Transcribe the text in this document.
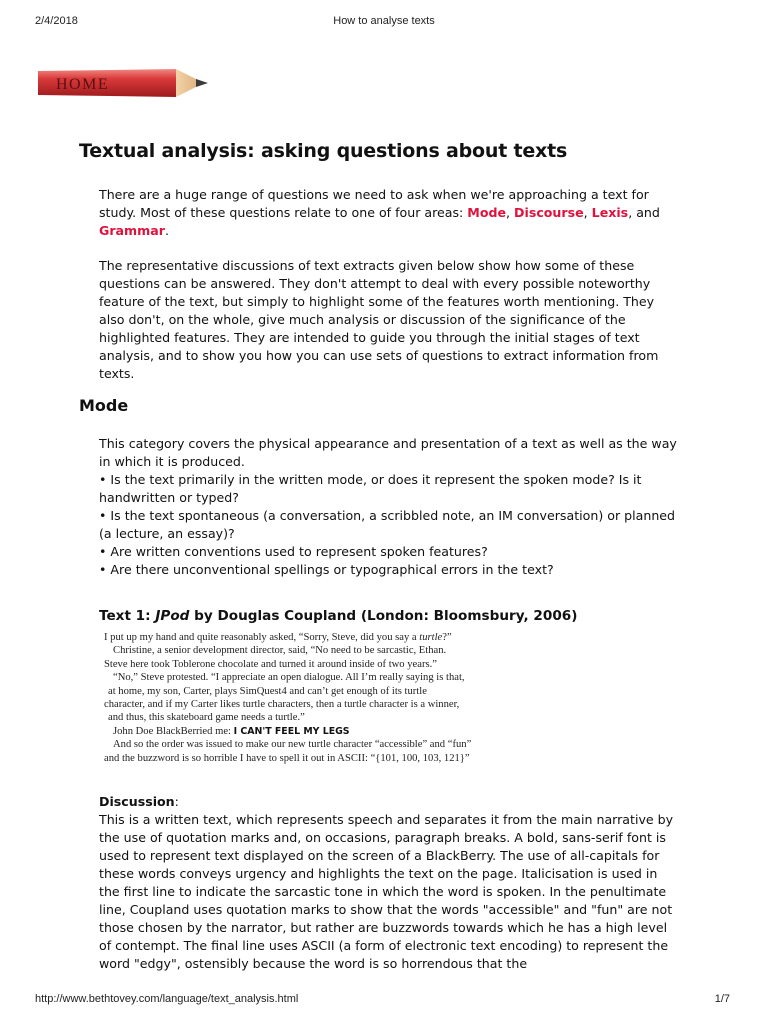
2/4/2018	How to analyse texts
HOME
Textual analysis: asking questions about texts

There are a huge range of questions we need to ask when we're approaching a text for study. Most of these questions relate to one of four areas: Mode, Discourse, Lexis, and Grammar.

The representative discussions of text extracts given below show how some of these questions can be answered. They don't attempt to deal with every possible noteworthy feature of the text, but simply to highlight some of the features worth mentioning. They also don't, on the whole, give much analysis or discussion of the significance of the highlighted features. They are intended to guide you through the initial stages of text analysis, and to show you how you can use sets of questions to extract information from texts.

Mode
This category covers the physical appearance and presentation of a text as well as the way in which it is produced.
• Is the text primarily in the written mode, or does it represent the spoken mode? Is it handwritten or typed?
• Is the text spontaneous (a conversation, a scribbled note, an IM conversation) or planned (a lecture, an essay)?
• Are written conventions used to represent spoken features?
• Are there unconventional spellings or typographical errors in the text?
Text 1: JPod by Douglas Coupland (London: Bloomsbury, 2006)
I put up my hand and quite reasonably asked, “Sorry, Steve, did you say a turtle?”
Christine, a senior development director, said, “No need to be sarcastic, Ethan.
Steve here took Toblerone chocolate and turned it around inside of two years.”
“No,” Steve protested. “I appreciate an open dialogue. All I’m really saying is that,
at home, my son, Carter, plays SimQuest4 and can’t get enough of its turtle
character, and if my Carter likes turtle characters, then a turtle character is a winner,
and thus, this skateboard game needs a turtle.”
John Doe BlackBerried me: I CAN'T FEEL MY LEGS
And so the order was issued to make our new turtle character “accessible” and “fun”
and the buzzword is so horrible I have to spell it out in ASCII: “{101, 100, 103, 121}”

Discussion:

This is a written text, which represents speech and separates it from the main narrative by the use of quotation marks and, on occasions, paragraph breaks. A bold, sans-serif font is used to represent text displayed on the screen of a BlackBerry. The use of all-capitals for these words conveys urgency and highlights the text on the page. Italicisation is used in the first line to indicate the sarcastic tone in which the word is spoken. In the penultimate line, Coupland uses quotation marks to show that the words "accessible" and "fun" are not those chosen by the narrator, but rather are buzzwords towards which he has a high level of contempt. The final line uses ASCII (a form of electronic text encoding) to represent the word "edgy", ostensibly because the word is so horrendous that the

http://www.bethtovey.com/language/text_analysis.html	1/7
